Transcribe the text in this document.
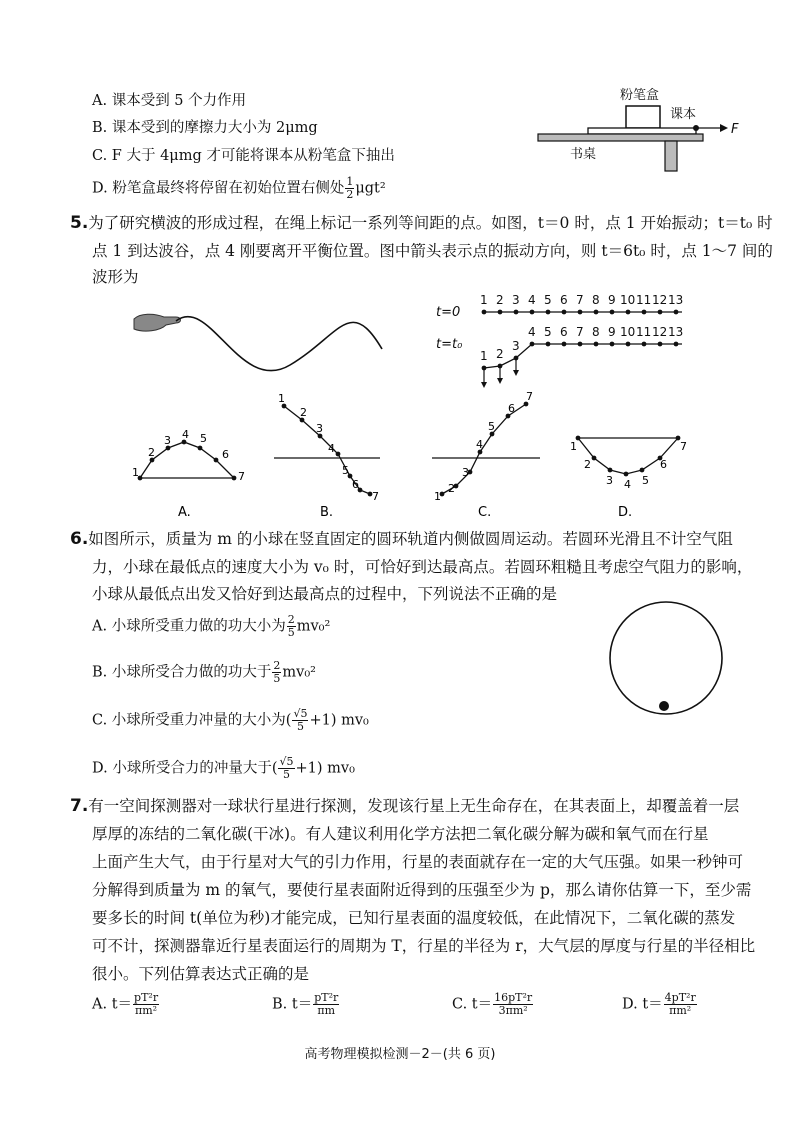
A. 课本受到 5 个力作用
B. 课本受到的摩擦力大小为 2μmg
C. F 大于 4μmg 才可能将课本从粉笔盒下抽出
D. 粉笔盒最终将停留在初始位置右侧处 $\frac{1}{2} \mu gt^2$
粉笔盒
课本
F
书桌
5.为了研究横波的形成过程，在绳上标记一系列等间距的点。如图，t＝0 时，点 1 开始振动；t＝t₀ 时
点 1 到达波谷，点 4 刚要离开平衡位置。图中箭头表示点的振动方向，则 t＝6t₀ 时，点 1～7 间的
波形为
t=0
t=t₀
1 2 3 4 5 6 7 8 9 10 11 12 13
1 2
3
4 5 6 7 8 9 10 11 12 13
1
2
3 4 5
6
7
A.
1
2
3
4
5
6
7
B.
1
2
3
4
5
6
7
C.
1
2
3 4 5
6
7
D.
6.如图所示，质量为 m 的小球在竖直固定的圆环轨道内侧做圆周运动。若圆环光滑且不计空气阻
力，小球在最低点的速度大小为 v₀ 时，可恰好到达最高点。若圆环粗糙且考虑空气阻力的影响，
小球从最低点出发又恰好到达最高点的过程中，下列说法不正确的是
A. 小球所受重力做的功大小为 $\frac{2}{5} mv_0^2$
B. 小球所受合力做的功大于 $\frac{2}{5} mv_0^2$
C. 小球所受重力冲量的大小为( $\frac{√5}{5} +1$) mv₀
D. 小球所受合力的冲量大于( $\frac{√5}{5} +1$) mv₀
7.有一空间探测器对一球状行星进行探测，发现该行星上无生命存在，在其表面上，却覆盖着一层
厚厚的冻结的二氧化碳(干冰)。有人建议利用化学方法把二氧化碳分解为碳和氧气而在行星
上面产生大气，由于行星对大气的引力作用，行星的表面就存在一定的大气压强。如果一秒钟可
分解得到质量为 m 的氧气，要使行星表面附近得到的压强至少为 p，那么请你估算一下，至少需
要多长的时间 t(单位为秒)才能完成，已知行星表面的温度较低，在此情况下，二氧化碳的蒸发
可不计，探测器靠近行星表面运行的周期为 T，行星的半径为 r，大气层的厚度与行星的半径相比
很小。下列估算表达式正确的是
A. $t= \frac{\text{pT²r}}{\text{πm²}}$	B. $t= \frac{\text{pT²r}}{\pi m}$	C. $t= \frac{\text{16pT²r}}{\text{3πm²}}$	D. $t= \frac{\text{4pT²r}}{\text{πm²}}$
高考物理模拟检测－2－(共 6 页)
